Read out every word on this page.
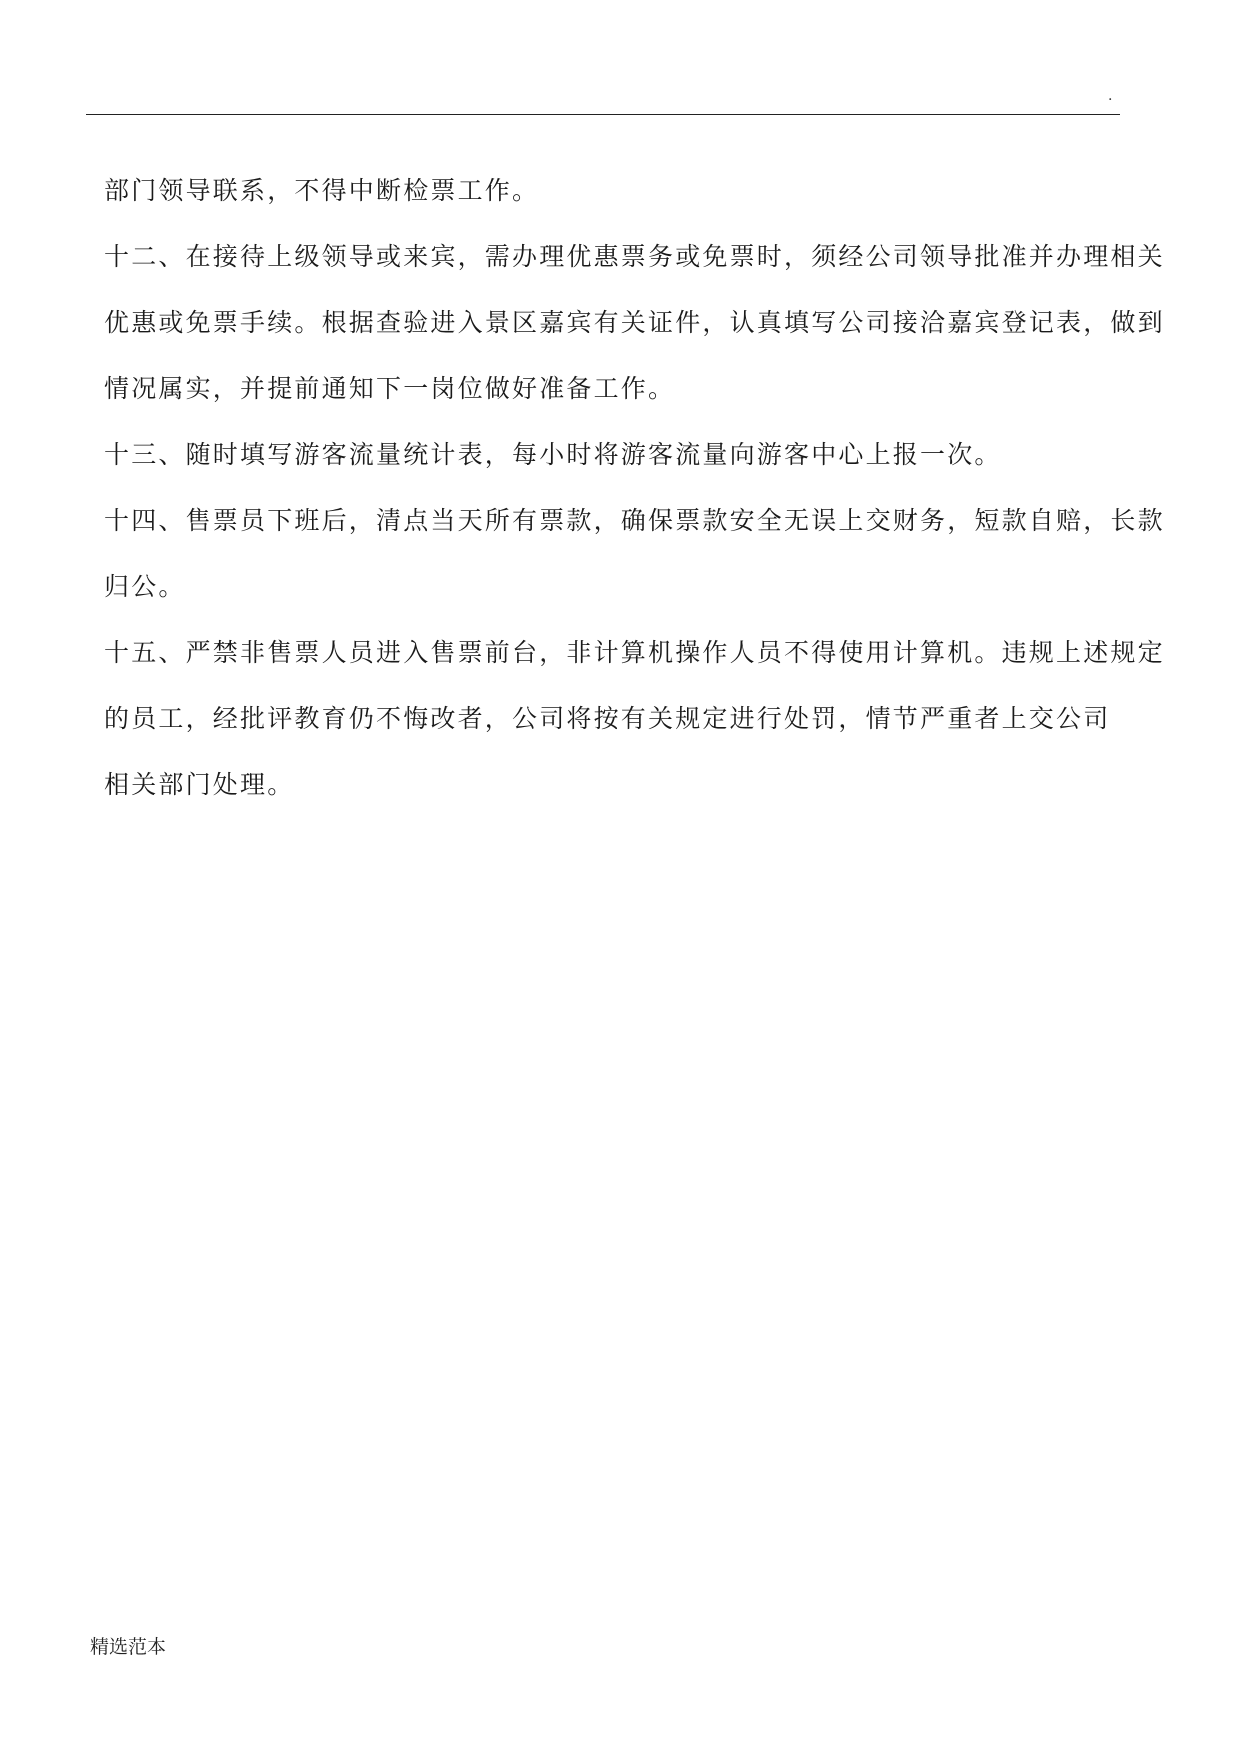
.
部门领导联系，不得中断检票工作。
十二、在接待上级领导或来宾，需办理优惠票务或免票时，须经公司领导批准并办理相关
优惠或免票手续。根据查验进入景区嘉宾有关证件，认真填写公司接洽嘉宾登记表，做到
情况属实，并提前通知下一岗位做好准备工作。
十三、随时填写游客流量统计表，每小时将游客流量向游客中心上报一次。
十四、售票员下班后，清点当天所有票款，确保票款安全无误上交财务，短款自赔，长款
归公。
十五、严禁非售票人员进入售票前台，非计算机操作人员不得使用计算机。违规上述规定
的员工，经批评教育仍不悔改者，公司将按有关规定进行处罚，情节严重者上交公司
相关部门处理。
精选范本
